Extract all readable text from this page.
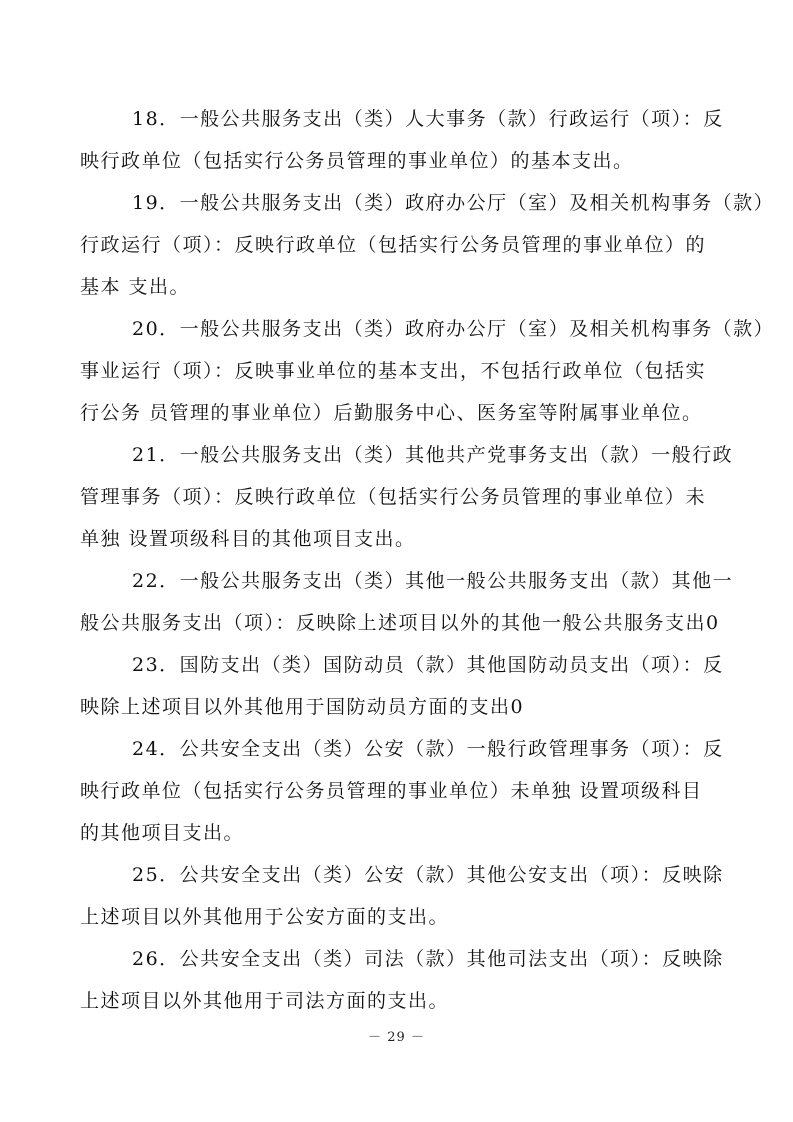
18．一般公共服务支出（类）人大事务（款）行政运行（项）：反
映行政单位（包括实行公务员管理的事业单位）的基本支出。

19．一般公共服务支出（类）政府办公厅（室）及相关机构事务（款）
行政运行（项）：反映行政单位（包括实行公务员管理的事业单位）的
基本 支出。

20．一般公共服务支出（类）政府办公厅（室）及相关机构事务（款）
事业运行（项）：反映事业单位的基本支出，不包括行政单位（包括实
行公务 员管理的事业单位）后勤服务中心、医务室等附属事业单位。

21．一般公共服务支出（类）其他共产党事务支出（款）一般行政
管理事务（项）：反映行政单位（包括实行公务员管理的事业单位）未
单独 设置项级科目的其他项目支出。

22．一般公共服务支出（类）其他一般公共服务支出（款）其他一
般公共服务支出（项）：反映除上述项目以外的其他一般公共服务支出0

23．国防支出（类）国防动员（款）其他国防动员支出（项）：反
映除上述项目以外其他用于国防动员方面的支出0

24．公共安全支出（类）公安（款）一般行政管理事务（项）：反
映行政单位（包括实行公务员管理的事业单位）未单独 设置项级科目
的其他项目支出。

25．公共安全支出（类）公安（款）其他公安支出（项）：反映除
上述项目以外其他用于公安方面的支出。

26．公共安全支出（类）司法（款）其他司法支出（项）：反映除
上述项目以外其他用于司法方面的支出。

－ 29 －
